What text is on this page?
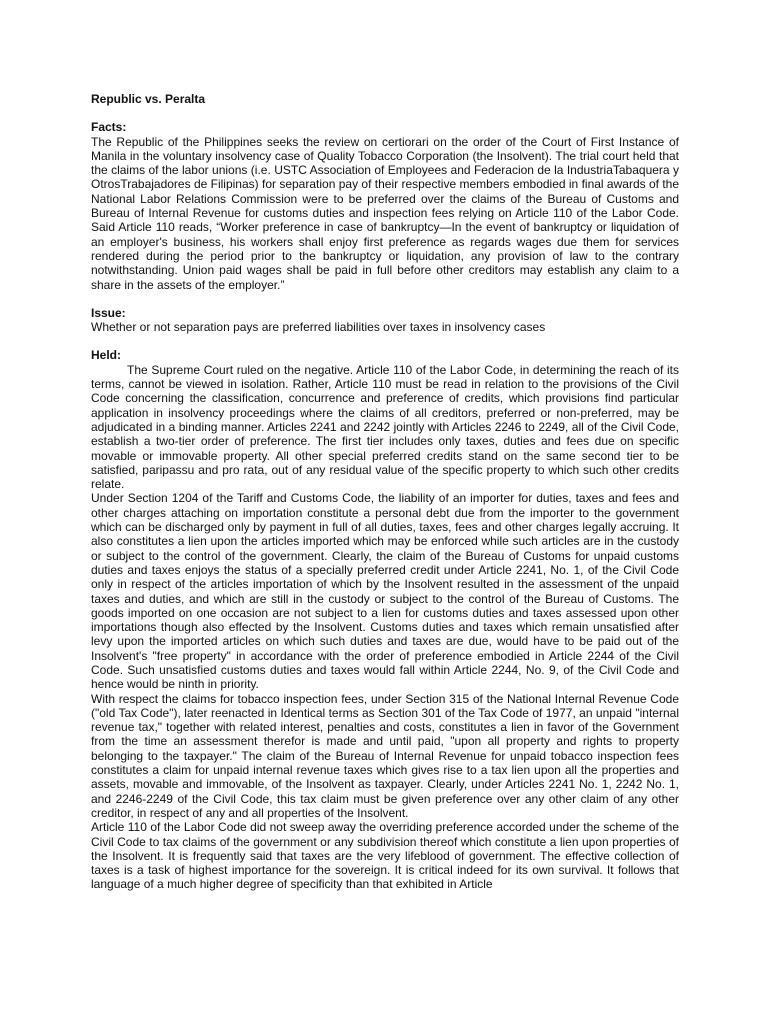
Republic vs. Peralta

Facts:

The Republic of the Philippines seeks the review on certiorari on the order of the Court of First Instance of Manila in the voluntary insolvency case of Quality Tobacco Corporation (the Insolvent). The trial court held that the claims of the labor unions (i.e. USTC Association of Employees and Federacion de la IndustriaTabaquera y OtrosTrabajadores de Filipinas) for separation pay of their respective members embodied in final awards of the National Labor Relations Commission were to be preferred over the claims of the Bureau of Customs and Bureau of Internal Revenue for customs duties and inspection fees relying on Article 110 of the Labor Code. Said Article 110 reads, “Worker preference in case of bankruptcy—In the event of bankruptcy or liquidation of an employer's business, his workers shall enjoy first preference as regards wages due them for services rendered during the period prior to the bankruptcy or liquidation, any provision of law to the contrary notwithstanding. Union paid wages shall be paid in full before other creditors may establish any claim to a share in the assets of the employer.”

Issue:

Whether or not separation pays are preferred liabilities over taxes in insolvency cases

Held:

The Supreme Court ruled on the negative. Article 110 of the Labor Code, in determining the reach of its terms, cannot be viewed in isolation. Rather, Article 110 must be read in relation to the provisions of the Civil Code concerning the classification, concurrence and preference of credits, which provisions find particular application in insolvency proceedings where the claims of all creditors, preferred or non-preferred, may be adjudicated in a binding manner. Articles 2241 and 2242 jointly with Articles 2246 to 2249, all of the Civil Code, establish a two-tier order of preference. The first tier includes only taxes, duties and fees due on specific movable or immovable property. All other special preferred credits stand on the same second tier to be satisfied, paripassu and pro rata, out of any residual value of the specific property to which such other credits relate.

Under Section 1204 of the Tariff and Customs Code, the liability of an importer for duties, taxes and fees and other charges attaching on importation constitute a personal debt due from the importer to the government which can be discharged only by payment in full of all duties, taxes, fees and other charges legally accruing. It also constitutes a lien upon the articles imported which may be enforced while such articles are in the custody or subject to the control of the government. Clearly, the claim of the Bureau of Customs for unpaid customs duties and taxes enjoys the status of a specially preferred credit under Article 2241, No. 1, of the Civil Code only in respect of the articles importation of which by the Insolvent resulted in the assessment of the unpaid taxes and duties, and which are still in the custody or subject to the control of the Bureau of Customs. The goods imported on one occasion are not subject to a lien for customs duties and taxes assessed upon other importations though also effected by the Insolvent. Customs duties and taxes which remain unsatisfied after levy upon the imported articles on which such duties and taxes are due, would have to be paid out of the Insolvent's "free property" in accordance with the order of preference embodied in Article 2244 of the Civil Code. Such unsatisfied customs duties and taxes would fall within Article 2244, No. 9, of the Civil Code and hence would be ninth in priority.

With respect the claims for tobacco inspection fees, under Section 315 of the National Internal Revenue Code ("old Tax Code"), later reenacted in Identical terms as Section 301 of the Tax Code of 1977, an unpaid "internal revenue tax," together with related interest, penalties and costs, constitutes a lien in favor of the Government from the time an assessment therefor is made and until paid, "upon all property and rights to property belonging to the taxpayer." The claim of the Bureau of Internal Revenue for unpaid tobacco inspection fees constitutes a claim for unpaid internal revenue taxes which gives rise to a tax lien upon all the properties and assets, movable and immovable, of the Insolvent as taxpayer. Clearly, under Articles 2241 No. 1, 2242 No. 1, and 2246-2249 of the Civil Code, this tax claim must be given preference over any other claim of any other creditor, in respect of any and all properties of the Insolvent.

Article 110 of the Labor Code did not sweep away the overriding preference accorded under the scheme of the Civil Code to tax claims of the government or any subdivision thereof which constitute a lien upon properties of the Insolvent. It is frequently said that taxes are the very lifeblood of government. The effective collection of taxes is a task of highest importance for the sovereign. It is critical indeed for its own survival. It follows that language of a much higher degree of specificity than that exhibited in Article
